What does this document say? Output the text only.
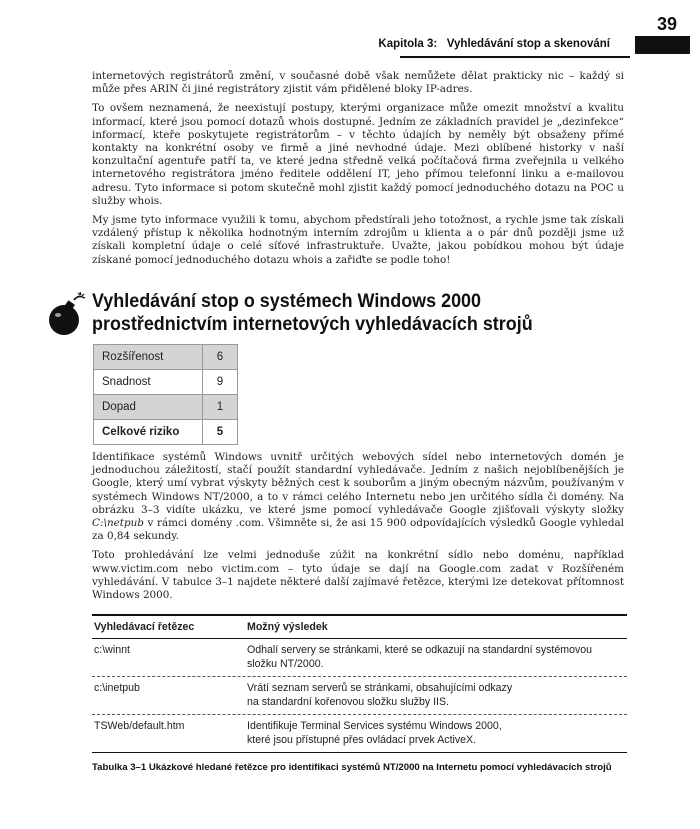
Kapitola 3: Vyhledávání stop a skenování
39

internetových registrátorů změní, v současné době však nemůžete dělat prakticky nic – každý si může přes ARIN či jiné registrátory zjistit vám přidělené bloky IP-adres.

To ovšem neznamená, že neexistují postupy, kterými organizace může omezit množství a kvalitu informací, které jsou pomocí dotazů whois dostupné. Jedním ze základních pravidel je „dezinfekce“ informací, kteře poskytujete registrátorům – v těchto údajích by neměly být obsaženy přímé kontakty na konkrétní osoby ve firmě a jiné nevhodné údaje. Mezi oblíbené historky v naší konzultační agentuře patří ta, ve které jedna středně velká počítačová firma zveřejnila u velkého internetového registrátora jméno ředitele oddělení IT, jeho přímou telefonní linku a e-mailovou adresu. Tyto informace si potom skutečně mohl zjistit každý pomocí jednoduchého dotazu na POC u služby whois.

My jsme tyto informace využili k tomu, abychom předstírali jeho totožnost, a rychle jsme tak získali vzdálený přístup k několika hodnotným interním zdrojům u klienta a o pár dnů později jsme už získali kompletní údaje o celé síťové infrastruktuře. Uvažte, jakou pobídkou mohou být údaje získané pomocí jednoduchého dotazu whois a zařiďte se podle toho!

Vyhledávání stop o systémech Windows 2000
prostřednictvím internetových vyhledávacích strojů
Rozšířenost	6
Snadnost	9
Dopad	1
Celkové riziko	5

Identifikace systémů Windows uvnitř určitých webových sídel nebo internetových domén je jednoduchou záležitostí, stačí použít standardní vyhledávače. Jedním z našich nejoblíbenějších je Google, který umí vybrat výskyty běžných cest k souborům a jiným obecným názvům, používaným v systémech Windows NT/2000, a to v rámci celého Internetu nebo jen určitého sídla či domény. Na obrázku 3–3 vidíte ukázku, ve které jsme pomocí vyhledávače Google zjišťovali výskyty složky C:\netpub v rámci domény .com. Všimněte si, že asi 15 900 odpovídajících výsledků Google vyhledal za 0,84 sekundy.

Toto prohledávání lze velmi jednoduše zúžit na konkrétní sídlo nebo doménu, například www.victim.com nebo victim.com – tyto údaje se dají na Google.com zadat v Rozšířeném vyhledávání. V tabulce 3–1 najdete některé další zajímavé řetězce, kterými lze detekovat přítomnost Windows 2000.

Vyhledávací řetězec	Možný výsledek
c:\winnt	Odhalí servery se stránkami, které se odkazují na standardní systémovou
složku NT/2000.
c:\inetpub	Vrátí seznam serverů se stránkami, obsahujícími odkazy
na standardní kořenovou složku služby IIS.
TSWeb/default.htm	Identifikuje Terminal Services systému Windows 2000,
které jsou přístupné přes ovládací prvek ActiveX.
Tabulka 3–1 Ukázkové hledané řetězce pro identifikaci systémů NT/2000 na Internetu pomocí vyhledávacích strojů
